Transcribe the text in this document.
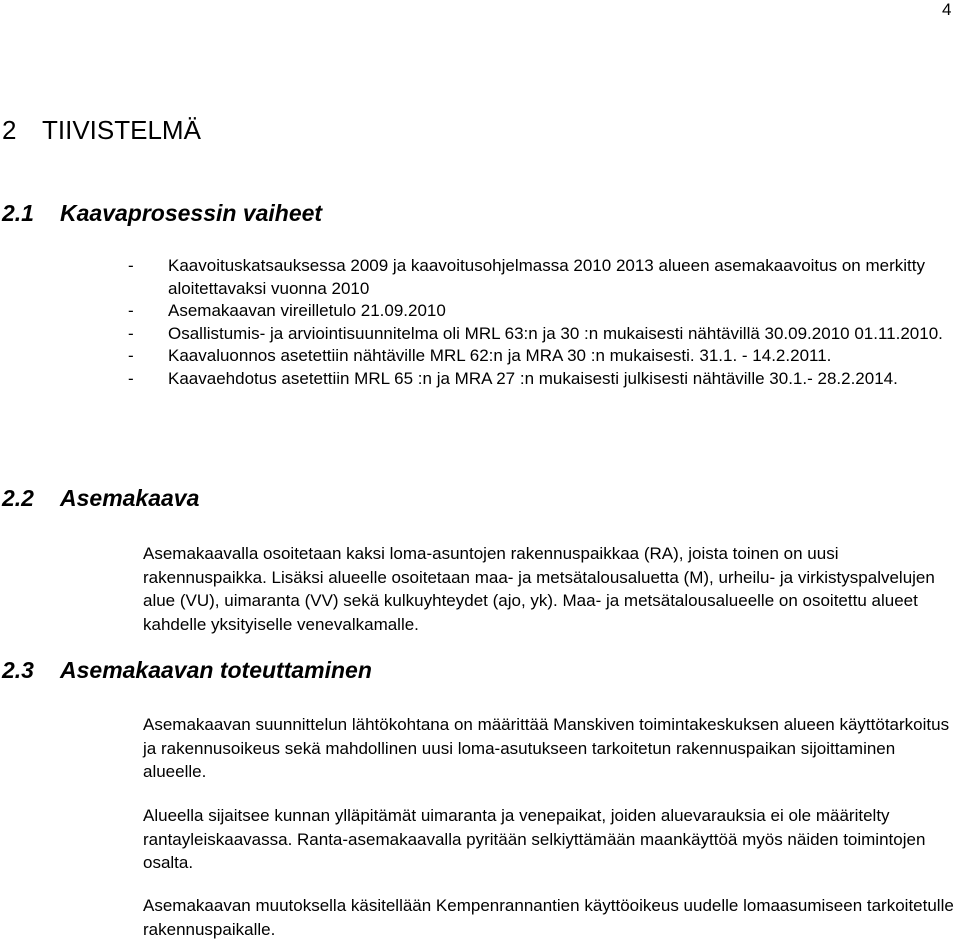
4
2 TIIVISTELMÄ
2.1 Kaavaprosessin vaiheet
- Kaavoituskatsauksessa 2009 ja kaavoitusohjelmassa 2010 2013 alueen asemakaavoitus on merkitty aloitettavaksi vuonna 2010
- Asemakaavan vireilletulo 21.09.2010
- Osallistumis- ja arviointisuunnitelma oli MRL 63:n ja 30 :n mukaisesti nähtävillä 30.09.2010 01.11.2010.
- Kaavaluonnos asetettiin nähtäville MRL 62:n ja MRA 30 :n mukaisesti. 31.1. - 14.2.2011.
- Kaavaehdotus asetettiin MRL 65 :n ja MRA 27 :n mukaisesti julkisesti nähtäville 30.1.- 28.2.2014.
2.2 Asemakaava

Asemakaavalla osoitetaan kaksi loma-asuntojen rakennuspaikkaa (RA), joista toinen on uusi rakennuspaikka. Lisäksi alueelle osoitetaan maa- ja metsätalousaluetta (M), urheilu- ja virkistyspalvelujen alue (VU), uimaranta (VV) sekä kulkuyhteydet (ajo, yk). Maa- ja metsätalousalueelle on osoitettu alueet kahdelle yksityiselle venevalkamalle.

2.3 Asemakaavan toteuttaminen

Asemakaavan suunnittelun lähtökohtana on määrittää Manskiven toimintakeskuksen alueen käyttötarkoitus ja rakennusoikeus sekä mahdollinen uusi loma-asutukseen tarkoitetun rakennuspaikan sijoittaminen alueelle.

Alueella sijaitsee kunnan ylläpitämät uimaranta ja venepaikat, joiden aluevarauksia ei ole määritelty rantayleiskaavassa. Ranta-asemakaavalla pyritään selkiyttämään maankäyttöä myös näiden toimintojen osalta.

Asemakaavan muutoksella käsitellään Kempenrannantien käyttöoikeus uudelle lomaasumiseen tarkoitetulle rakennuspaikalle.
